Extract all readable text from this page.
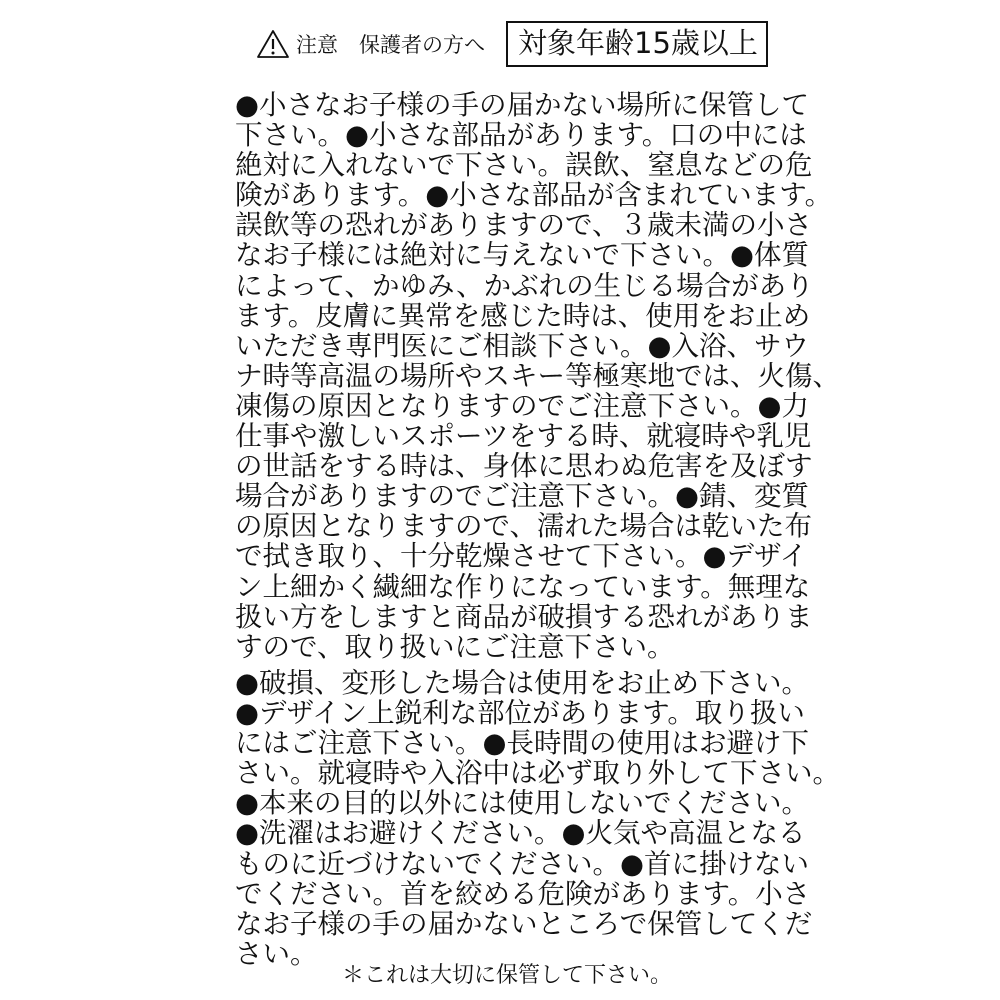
注意 保護者の方へ	対象年齢15歳以上
●小さなお子様の手の届かない場所に保管して
下さい。●小さな部品があります。口の中には
絶対に入れないで下さい。誤飲、窒息などの危
険があります。●小さな部品が含まれています。
誤飲等の恐れがありますので、３歳未満の小さ
なお子様には絶対に与えないで下さい。●体質
によって、かゆみ、かぶれの生じる場合があり
ます。皮膚に異常を感じた時は、使用をお止め
いただき専門医にご相談下さい。●入浴、サウ
ナ時等高温の場所やスキー等極寒地では、火傷、
凍傷の原因となりますのでご注意下さい。●力
仕事や激しいスポーツをする時、就寝時や乳児
の世話をする時は、身体に思わぬ危害を及ぼす
場合がありますのでご注意下さい。●錆、変質
の原因となりますので、濡れた場合は乾いた布
で拭き取り、十分乾燥させて下さい。●デザイ
ン上細かく繊細な作りになっています。無理な
扱い方をしますと商品が破損する恐れがありま
すので、取り扱いにご注意下さい。
●破損、変形した場合は使用をお止め下さい。
●デザイン上鋭利な部位があります。取り扱い
にはご注意下さい。●長時間の使用はお避け下
さい。就寝時や入浴中は必ず取り外して下さい。
●本来の目的以外には使用しないでください。
●洗濯はお避けください。●火気や高温となる
ものに近づけないでください。●首に掛けない
でください。首を絞める危険があります。小さ
なお子様の手の届かないところで保管してくだ
さい。
＊これは大切に保管して下さい。
